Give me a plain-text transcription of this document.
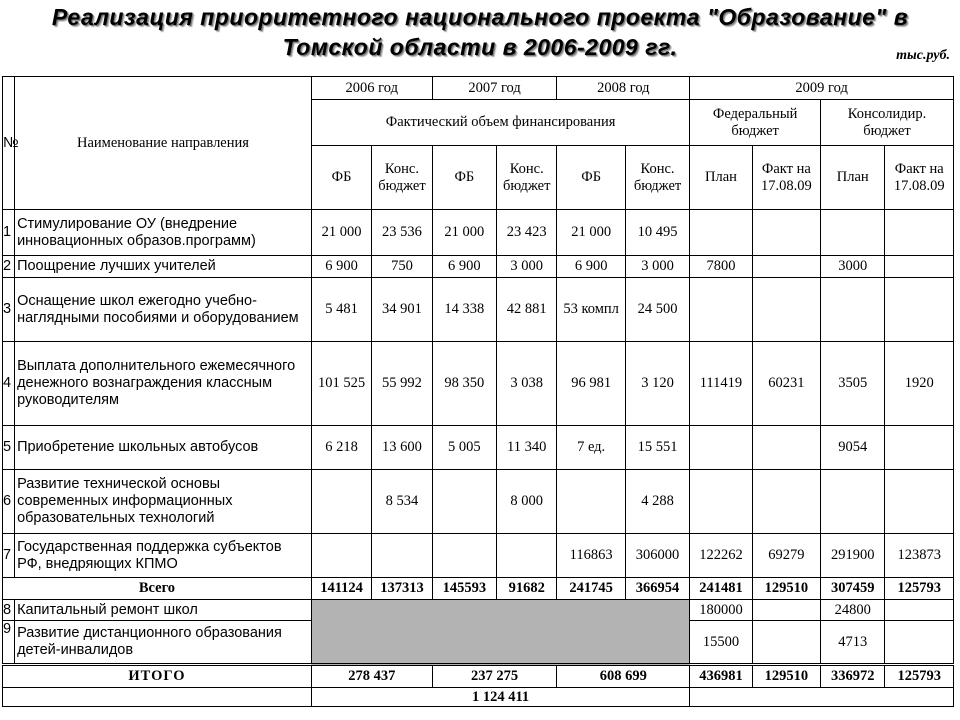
Реализация приоритетного национального проекта "Образование" в
Томской области в 2006-2009 гг.	тыс.руб.
№	Наименование направления	2006 год		2007 год		2008 год		2009 год			
		Фактический объем финансирования						Федеральный бюджет		Консолидир. бюджет	
		ФБ	Конс. бюджет	ФБ	Конс. бюджет	ФБ	Конс. бюджет	План	Факт на 17.08.09	План	Факт на 17.08.09
1	Стимулирование ОУ (внедрение инновационных образов.программ)	21 000	23 536	21 000	23 423	21 000	10 495				
2	Поощрение лучших учителей	6 900	750	6 900	3 000	6 900	3 000	7800		3000	
3	Оснащение школ ежегодно учебно-наглядными пособиями и оборудованием	5 481	34 901	14 338	42 881	53 компл	24 500				
4	Выплата дополнительного ежемесячного денежного вознаграждения классным руководителям	101 525	55 992	98 350	3 038	96 981	3 120	111419	60231	3505	1920
5	Приобретение школьных автобусов	6 218	13 600	5 005	11 340	7 ед.	15 551			9054	
6	Развитие технической основы современных информационных образовательных технологий		8 534		8 000		4 288				
7	Государственная поддержка субъектов РФ, внедряющих КПМО					116863	306000	122262	69279	291900	123873
Всего		141124	137313	145593	91682	241745	366954	241481	129510	307459	125793
8	Капитальный ремонт школ							180000		24800	
9	Развитие дистанционного образования детей-инвалидов							15500		4713	
ИТОГО		278 437		237 275		608 699		436981	129510	336972	125793
		1 124 411									
